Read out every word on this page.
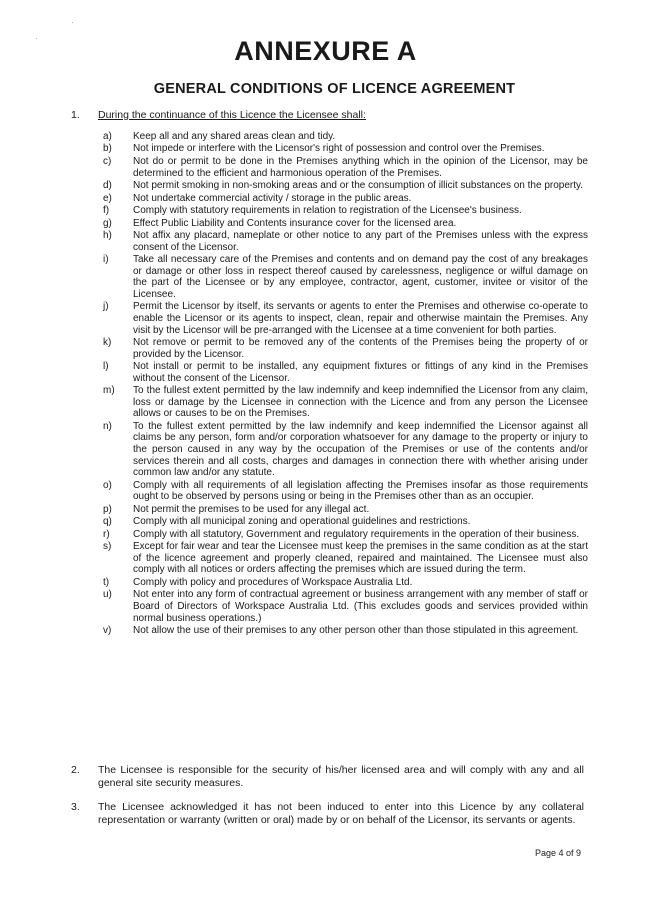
·
·	ANNEXURE A
GENERAL CONDITIONS OF LICENCE AGREEMENT
1. During the continuance of this Licence the Licensee shall:
a)	Keep all and any shared areas clean and tidy.
b)	Not impede or interfere with the Licensor's right of possession and control over the Premises.
c)	Not do or permit to be done in the Premises anything which in the opinion of the Licensor, may be determined to the efficient and harmonious operation of the Premises.
d)	Not permit smoking in non-smoking areas and or the consumption of illicit substances on the property.
e)	Not undertake commercial activity / storage in the public areas.
f)	Comply with statutory requirements in relation to registration of the Licensee's business.
g)	Effect Public Liability and Contents insurance cover for the licensed area.
h)	Not affix any placard, nameplate or other notice to any part of the Premises unless with the express consent of the Licensor.
i)	Take all necessary care of the Premises and contents and on demand pay the cost of any breakages or damage or other loss in respect thereof caused by carelessness, negligence or wilful damage on the part of the Licensee or by any employee, contractor, agent, customer, invitee or visitor of the Licensee.
j)	Permit the Licensor by itself, its servants or agents to enter the Premises and otherwise co-operate to enable the Licensor or its agents to inspect, clean, repair and otherwise maintain the Premises. Any visit by the Licensor will be pre-arranged with the Licensee at a time convenient for both parties.
k)	Not remove or permit to be removed any of the contents of the Premises being the property of or provided by the Licensor.
l)	Not install or permit to be installed, any equipment fixtures or fittings of any kind in the Premises without the consent of the Licensor.
m)	To the fullest extent permitted by the law indemnify and keep indemnified the Licensor from any claim, loss or damage by the Licensee in connection with the Licence and from any person the Licensee allows or causes to be on the Premises.
n)	To the fullest extent permitted by the law indemnify and keep indemnified the Licensor against all claims be any person, form and/or corporation whatsoever for any damage to the property or injury to the person caused in any way by the occupation of the Premises or use of the contents and/or services therein and all costs, charges and damages in connection there with whether arising under common law and/or any statute.
o)	Comply with all requirements of all legislation affecting the Premises insofar as those requirements ought to be observed by persons using or being in the Premises other than as an occupier.
p)	Not permit the premises to be used for any illegal act.
q)	Comply with all municipal zoning and operational guidelines and restrictions.
r)	Comply with all statutory, Government and regulatory requirements in the operation of their business.
s)	Except for fair wear and tear the Licensee must keep the premises in the same condition as at the start of the licence agreement and properly cleaned, repaired and maintained. The Licensee must also comply with all notices or orders affecting the premises which are issued during the term.
t)	Comply with policy and procedures of Workspace Australia Ltd.
u)	Not enter into any form of contractual agreement or business arrangement with any member of staff or Board of Directors of Workspace Australia Ltd. (This excludes goods and services provided within normal business operations.)
v)	Not allow the use of their premises to any other person other than those stipulated in this agreement.
2. The Licensee is responsible for the security of his/her licensed area and will comply with any and all general site security measures.
3. The Licensee acknowledged it has not been induced to enter into this Licence by any collateral representation or warranty (written or oral) made by or on behalf of the Licensor, its servants or agents.
Page 4 of 9
